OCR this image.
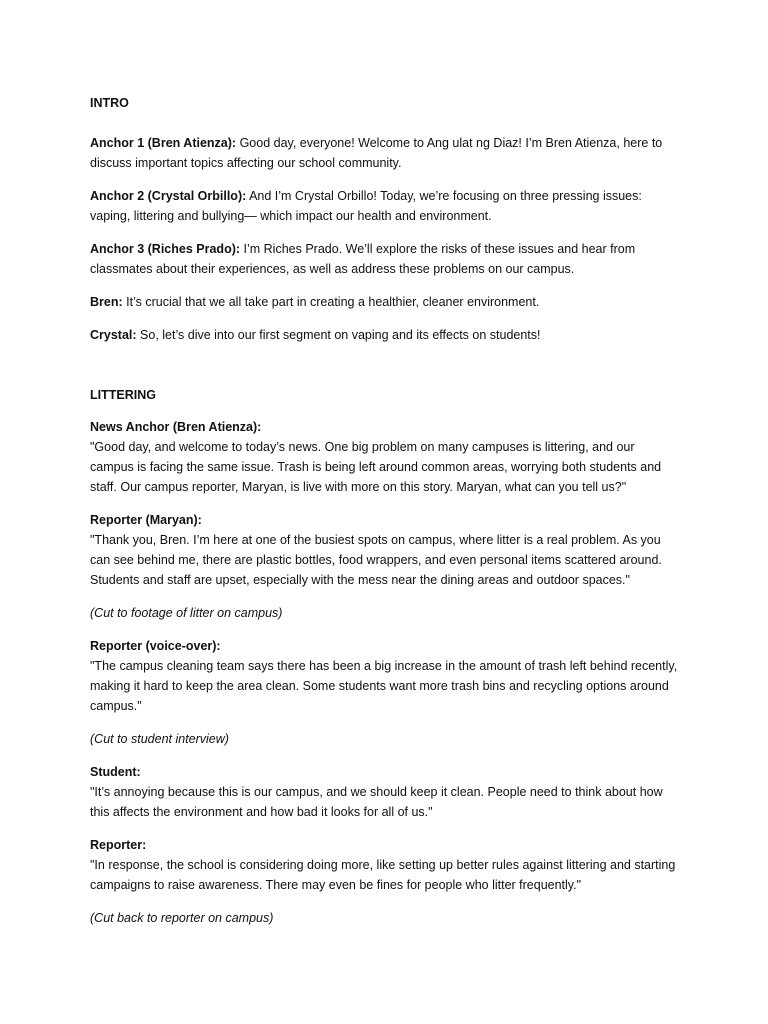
INTRO

Anchor 1 (Bren Atienza): Good day, everyone! Welcome to Ang ulat ng Diaz! I’m Bren Atienza, here to discuss important topics affecting our school community.

Anchor 2 (Crystal Orbillo): And I’m Crystal Orbillo! Today, we’re focusing on three pressing issues: vaping, littering and bullying— which impact our health and environment.

Anchor 3 (Riches Prado): I’m Riches Prado. We’ll explore the risks of these issues and hear from classmates about their experiences, as well as address these problems on our campus.

Bren: It’s crucial that we all take part in creating a healthier, cleaner environment.

Crystal: So, let’s dive into our first segment on vaping and its effects on students!

LITTERING

News Anchor (Bren Atienza):
"Good day, and welcome to today’s news. One big problem on many campuses is littering, and our campus is facing the same issue. Trash is being left around common areas, worrying both students and staff. Our campus reporter, Maryan, is live with more on this story. Maryan, what can you tell us?"

Reporter (Maryan):
"Thank you, Bren. I’m here at one of the busiest spots on campus, where litter is a real problem. As you can see behind me, there are plastic bottles, food wrappers, and even personal items scattered around. Students and staff are upset, especially with the mess near the dining areas and outdoor spaces."

(Cut to footage of litter on campus)

Reporter (voice-over):
"The campus cleaning team says there has been a big increase in the amount of trash left behind recently, making it hard to keep the area clean. Some students want more trash bins and recycling options around campus."

(Cut to student interview)

Student:
"It’s annoying because this is our campus, and we should keep it clean. People need to think about how this affects the environment and how bad it looks for all of us."

Reporter:
"In response, the school is considering doing more, like setting up better rules against littering and starting campaigns to raise awareness. There may even be fines for people who litter frequently."

(Cut back to reporter on campus)
